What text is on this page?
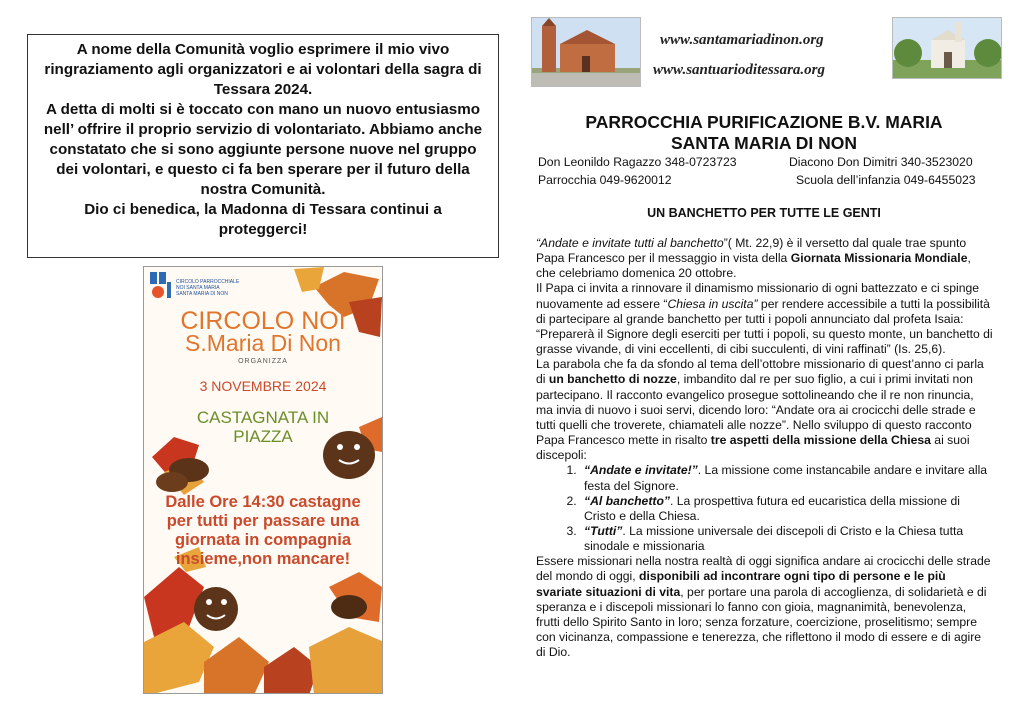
A nome della Comunità voglio esprimere il mio vivo ringraziamento agli organizzatori e ai volontari della sagra di Tessara 2024.

A detta di molti si è toccato con mano un nuovo entusiasmo nell’ offrire il proprio servizio di volontariato. Abbiamo anche constatato che si sono aggiunte persone nuove nel gruppo dei volontari, e questo ci fa ben sperare per il futuro della nostra Comunità.

Dio ci benedica, la Madonna di Tessara continui a proteggerci!

CIRCOLO PARROCCHIALE
NOI SANTA MARIA
SANTA MARIA DI NON
CIRCOLO NOI
S.Maria Di Non
ORGANIZZA
3 NOVEMBRE 2024
CASTAGNATA IN
PIAZZA
Dalle Ore 14:30 castagne
per tutti per passare una
giornata in compagnia
insieme,non mancare!
www.santamariadinon.org
www.santuarioditessara.org
PARROCCHIA PURIFICAZIONE B.V. MARIA
SANTA MARIA DI NON
Don Leonildo Ragazzo 348-0723723	Diacono Don Dimitri 340-3523020
Parrocchia 049-9620012	Scuola dell’infanzia 049-6455023
UN BANCHETTO PER TUTTE LE GENTI

“Andate e invitate tutti al banchetto”( Mt. 22,9) è il versetto dal quale trae spunto Papa Francesco per il messaggio in vista della Giornata Missionaria Mondiale, che celebriamo domenica 20 ottobre.

Il Papa ci invita a rinnovare il dinamismo missionario di ogni battezzato e ci spinge nuovamente ad essere “Chiesa in uscita” per rendere accessibile a tutti la possibilità di partecipare al grande banchetto per tutti i popoli annunciato dal profeta Isaia: “Preparerà il Signore degli eserciti per tutti i popoli, su questo monte, un banchetto di grasse vivande, di vini eccellenti, di cibi succulenti, di vini raffinati” (Is. 25,6).

La parabola che fa da sfondo al tema dell’ottobre missionario di quest’anno ci parla di un banchetto di nozze, imbandito dal re per suo figlio, a cui i primi invitati non partecipano. Il racconto evangelico prosegue sottolineando che il re non rinuncia, ma invia di nuovo i suoi servi, dicendo loro: “Andate ora ai crocicchi delle strade e tutti quelli che troverete, chiamateli alle nozze”. Nello sviluppo di questo racconto Papa Francesco mette in risalto tre aspetti della missione della Chiesa ai suoi discepoli:

1. “Andate e invitate!”. La missione come instancabile andare e invitare alla festa del Signore.
2. “Al banchetto”. La prospettiva futura ed eucaristica della missione di Cristo e della Chiesa.
3. “Tutti”. La missione universale dei discepoli di Cristo e la Chiesa tutta sinodale e missionaria

Essere missionari nella nostra realtà di oggi significa andare ai crocicchi delle strade del mondo di oggi, disponibili ad incontrare ogni tipo di persone e le più svariate situazioni di vita, per portare una parola di accoglienza, di solidarietà e di speranza e i discepoli missionari lo fanno con gioia, magnanimità, benevolenza, frutti dello Spirito Santo in loro; senza forzature, coercizione, proselitismo; sempre con vicinanza, compassione e tenerezza, che riflettono il modo di essere e di agire di Dio.
